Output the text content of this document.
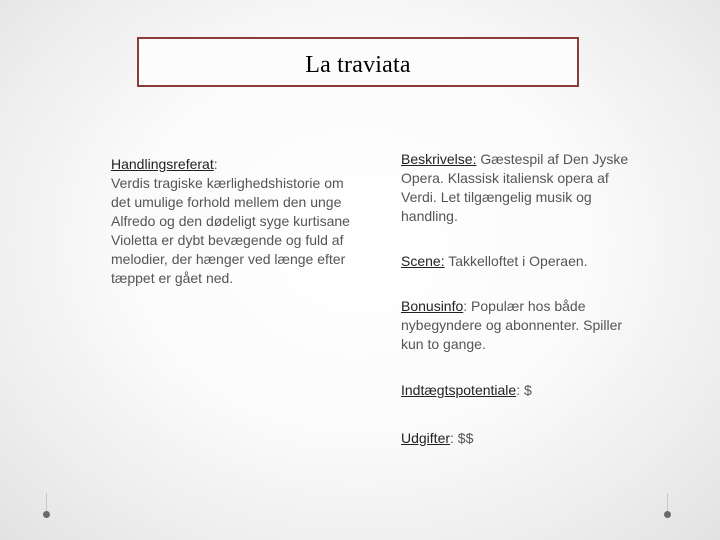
La traviata
Handlingsreferat:
Verdis tragiske kærlighedshistorie om det umulige forhold mellem den unge Alfredo og den dødeligt syge kurtisane Violetta er dybt bevægende og fuld af melodier, der hænger ved længe efter tæppet er gået ned.

Beskrivelse: Gæstespil af Den Jyske Opera. Klassisk italiensk opera af Verdi. Let tilgængelig musik og handling.

Scene: Takkelloftet i Operaen.

Bonusinfo: Populær hos både nybegyndere og abonnenter. Spiller kun to gange.

Indtægtspotentiale: $

Udgifter: $$
